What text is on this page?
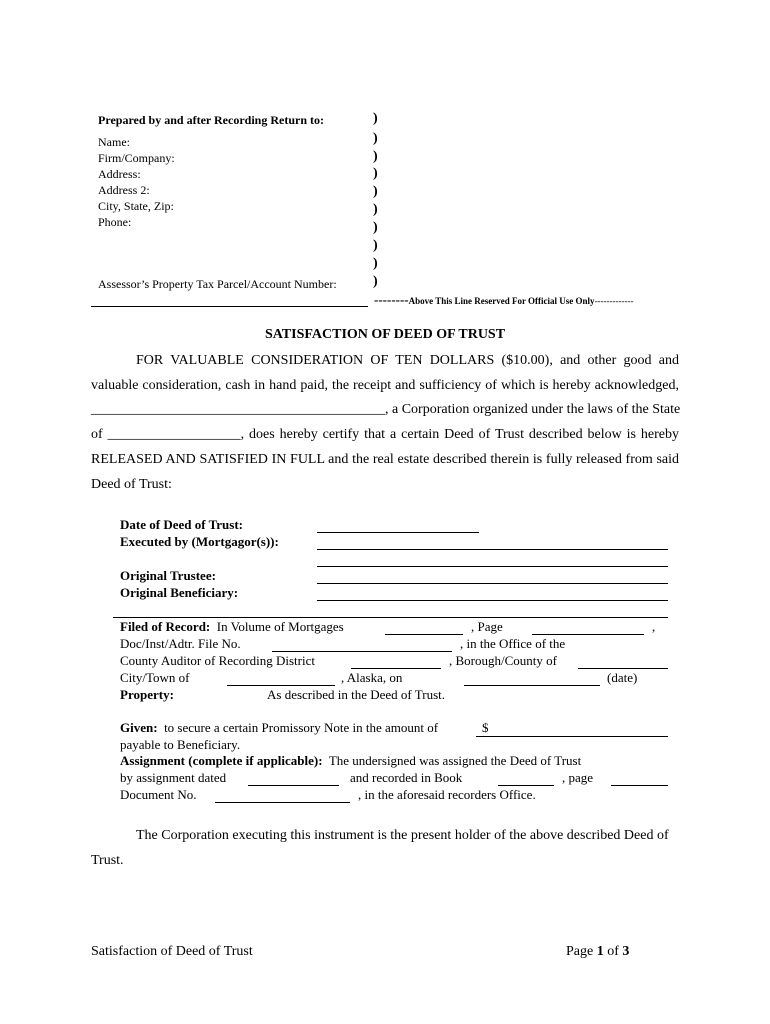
Prepared by and after Recording Return to:
Name:
Firm/Company:
Address:
Address 2:
City, State, Zip:
Phone:
Assessor’s Property Tax Parcel/Account Number:
)
)
)
)
)
)
)
)
)
)
--------Above This Line Reserved For Official Use Only-------------
SATISFACTION OF DEED OF TRUST
FOR VALUABLE CONSIDERATION OF TEN DOLLARS ($10.00), and other good and
valuable consideration, cash in hand paid, the receipt and sufficiency of which is hereby acknowledged,
__________________________________________, a Corporation organized under the laws of the State
of ___________________, does hereby certify that a certain Deed of Trust described below is hereby
RELEASED AND SATISFIED IN FULL and the real estate described therein is fully released from said
Deed of Trust:
Date of Deed of Trust:
Executed by (Mortgagor(s)):
Original Trustee:
Original Beneficiary:
Filed of Record: In Volume of Mortgages	, Page	,
Doc/Inst/Adtr. File No.	, in the Office of the
County Auditor of Recording District	, Borough/County of
City/Town of	, Alaska, on	(date)
Property:	As described in the Deed of Trust.
Given: to secure a certain Promissory Note in the amount of	$
payable to Beneficiary.
Assignment (complete if applicable): The undersigned was assigned the Deed of Trust
by assignment dated	and recorded in Book	, page
Document No.	, in the aforesaid recorders Office.
The Corporation executing this instrument is the present holder of the above described Deed of
Trust.
Satisfaction of Deed of Trust	Page 1 of 3
